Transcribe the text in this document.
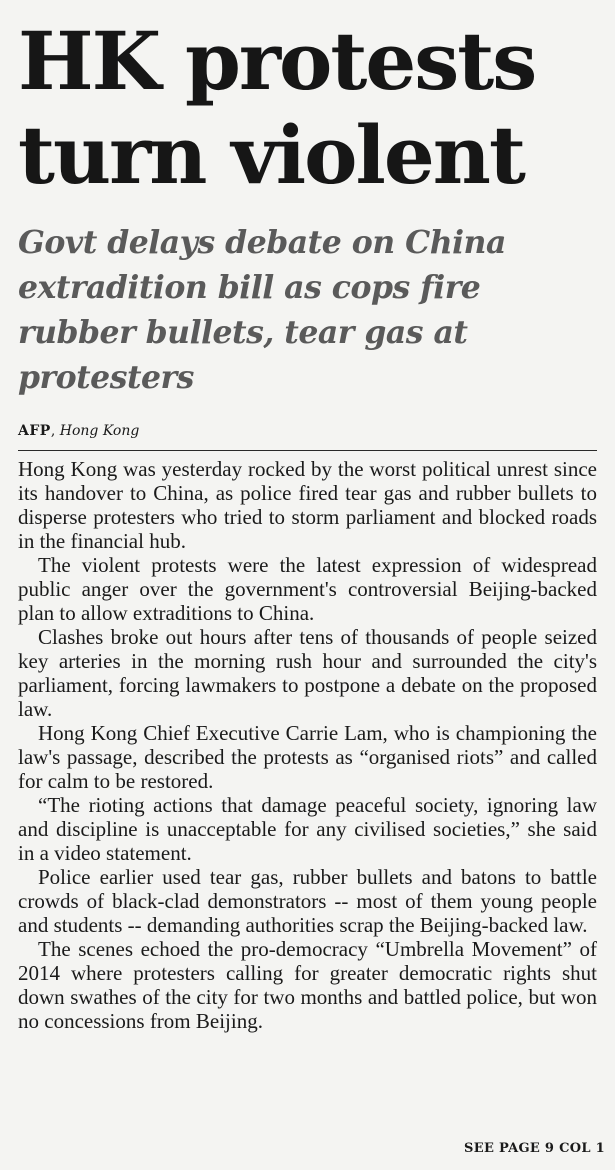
HK protests turn violent
Govt delays debate on China extradition bill as cops fire rubber bullets, tear gas at protesters
AFP, Hong Kong

Hong Kong was yesterday rocked by the worst political unrest since its handover to China, as police fired tear gas and rubber bullets to disperse protesters who tried to storm parliament and blocked roads in the financial hub.

The violent protests were the latest expression of widespread public anger over the government's controversial Beijing-backed plan to allow extraditions to China.

Clashes broke out hours after tens of thousands of people seized key arteries in the morning rush hour and surrounded the city's parliament, forcing lawmakers to postpone a debate on the proposed law.

Hong Kong Chief Executive Carrie Lam, who is championing the law's passage, described the protests as “organised riots” and called for calm to be restored.

“The rioting actions that damage peaceful society, ignoring law and discipline is unacceptable for any civilised societies,” she said in a video statement.

Police earlier used tear gas, rubber bullets and batons to battle crowds of black-clad demonstrators -- most of them young people and students -- demanding authorities scrap the Beijing-backed law.

The scenes echoed the pro-democracy “Umbrella Movement” of 2014 where protesters calling for greater democratic rights shut down swathes of the city for two months and battled police, but won no concessions from Beijing.

SEE PAGE 9 COL 1
